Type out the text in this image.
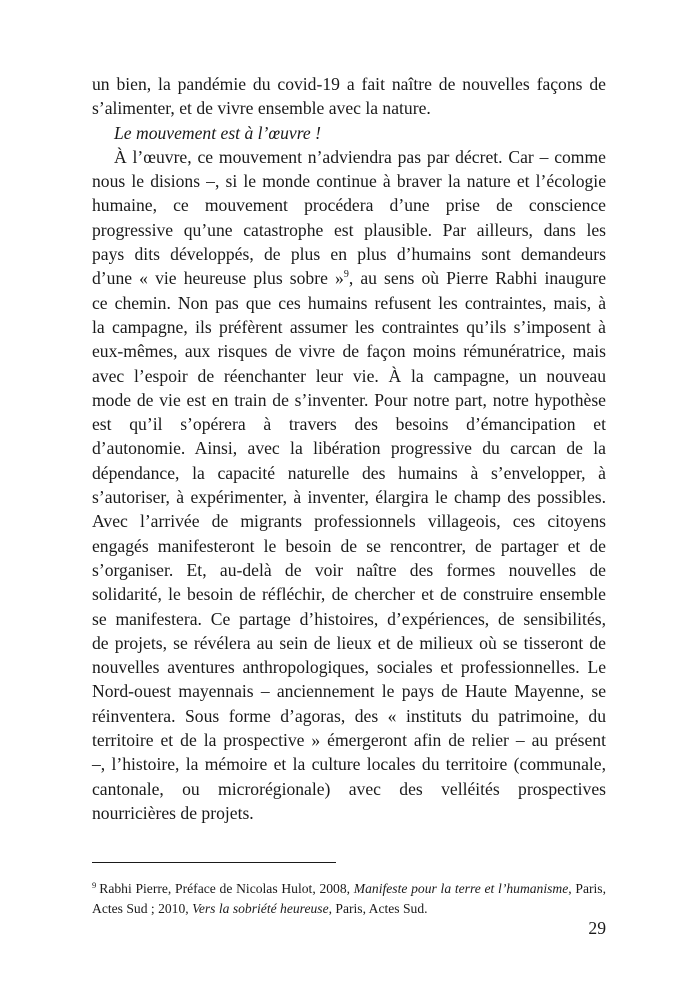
un bien, la pandémie du covid-19 a fait naître de nouvelles façons de
s’alimenter, et de vivre ensemble avec la nature.
Le mouvement est à l’œuvre !
À l’œuvre, ce mouvement n’adviendra pas par décret. Car – comme
nous le disions –, si le monde continue à braver la nature et l’écologie
humaine, ce mouvement procédera d’une prise de conscience
progressive qu’une catastrophe est plausible. Par ailleurs, dans les
pays dits développés, de plus en plus d’humains sont demandeurs
d’une « vie heureuse plus sobre »$^9$, au sens où Pierre Rabhi inaugure
ce chemin. Non pas que ces humains refusent les contraintes, mais, à
la campagne, ils préfèrent assumer les contraintes qu’ils s’imposent à
eux-mêmes, aux risques de vivre de façon moins rémunératrice, mais
avec l’espoir de réenchanter leur vie. À la campagne, un nouveau
mode de vie est en train de s’inventer. Pour notre part, notre hypothèse
est qu’il s’opérera à travers des besoins d’émancipation et
d’autonomie. Ainsi, avec la libération progressive du carcan de la
dépendance, la capacité naturelle des humains à s’envelopper, à
s’autoriser, à expérimenter, à inventer, élargira le champ des possibles.
Avec l’arrivée de migrants professionnels villageois, ces citoyens
engagés manifesteront le besoin de se rencontrer, de partager et de
s’organiser. Et, au-delà de voir naître des formes nouvelles de
solidarité, le besoin de réfléchir, de chercher et de construire ensemble
se manifestera. Ce partage d’histoires, d’expériences, de sensibilités,
de projets, se révélera au sein de lieux et de milieux où se tisseront de
nouvelles aventures anthropologiques, sociales et professionnelles. Le
Nord-ouest mayennais – anciennement le pays de Haute Mayenne, se
réinventera. Sous forme d’agoras, des « instituts du patrimoine, du
territoire et de la prospective » émergeront afin de relier – au présent
–, l’histoire, la mémoire et la culture locales du territoire (communale,
cantonale, ou microrégionale) avec des velléités prospectives
nourricières de projets.
$^9$ Rabhi Pierre, Préface de Nicolas Hulot, 2008, Manifeste pour la terre et l’humanisme, Paris,
Actes Sud ; 2010, Vers la sobriété heureuse, Paris, Actes Sud.
29
